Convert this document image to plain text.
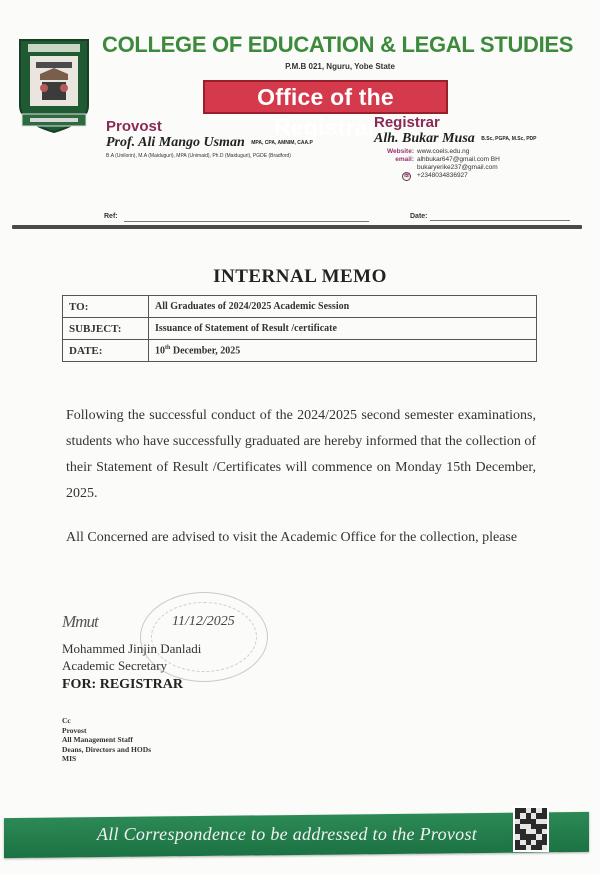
COLLEGE OF EDUCATION & LEGAL STUDIES
P.M.B 021, Nguru, Yobe State
Office of the Registrar
Provost
Prof. Ali Mango Usman MPA, CPA, AMNIM, CAA.P
B.A (Unilorin), M.A (Maiduguri), MPA (Unimaid), Ph.D (Maiduguri), PGDE (Bradford)
Registrar
Alh. Bukar Musa B.Sc, PGPA, M.Sc, PDP
Website: www.coels.edu.ng
email: alhbukar647@gmail.com BH
bukaryerike237@gmail.com
☏ +2348034836927
Ref:	Date:
INTERNAL MEMO
TO:	All Graduates of 2024/2025 Academic Session
SUBJECT:	Issuance of Statement of Result /certificate
DATE:	10th December, 2025

Following the successful conduct of the 2024/2025 second semester examinations, students who have successfully graduated are hereby informed that the collection of their Statement of Result /Certificates will commence on Monday 15th December, 2025.

All Concerned are advised to visit the Academic Office for the collection, please

Mmut	11/12/2025
Mohammed Jinjin Danladi
Academic Secretary
FOR: REGISTRAR
Cc
Provost
All Management Staff
Deans, Directors and HODs
MIS
All Correspondence to be addressed to the Provost
